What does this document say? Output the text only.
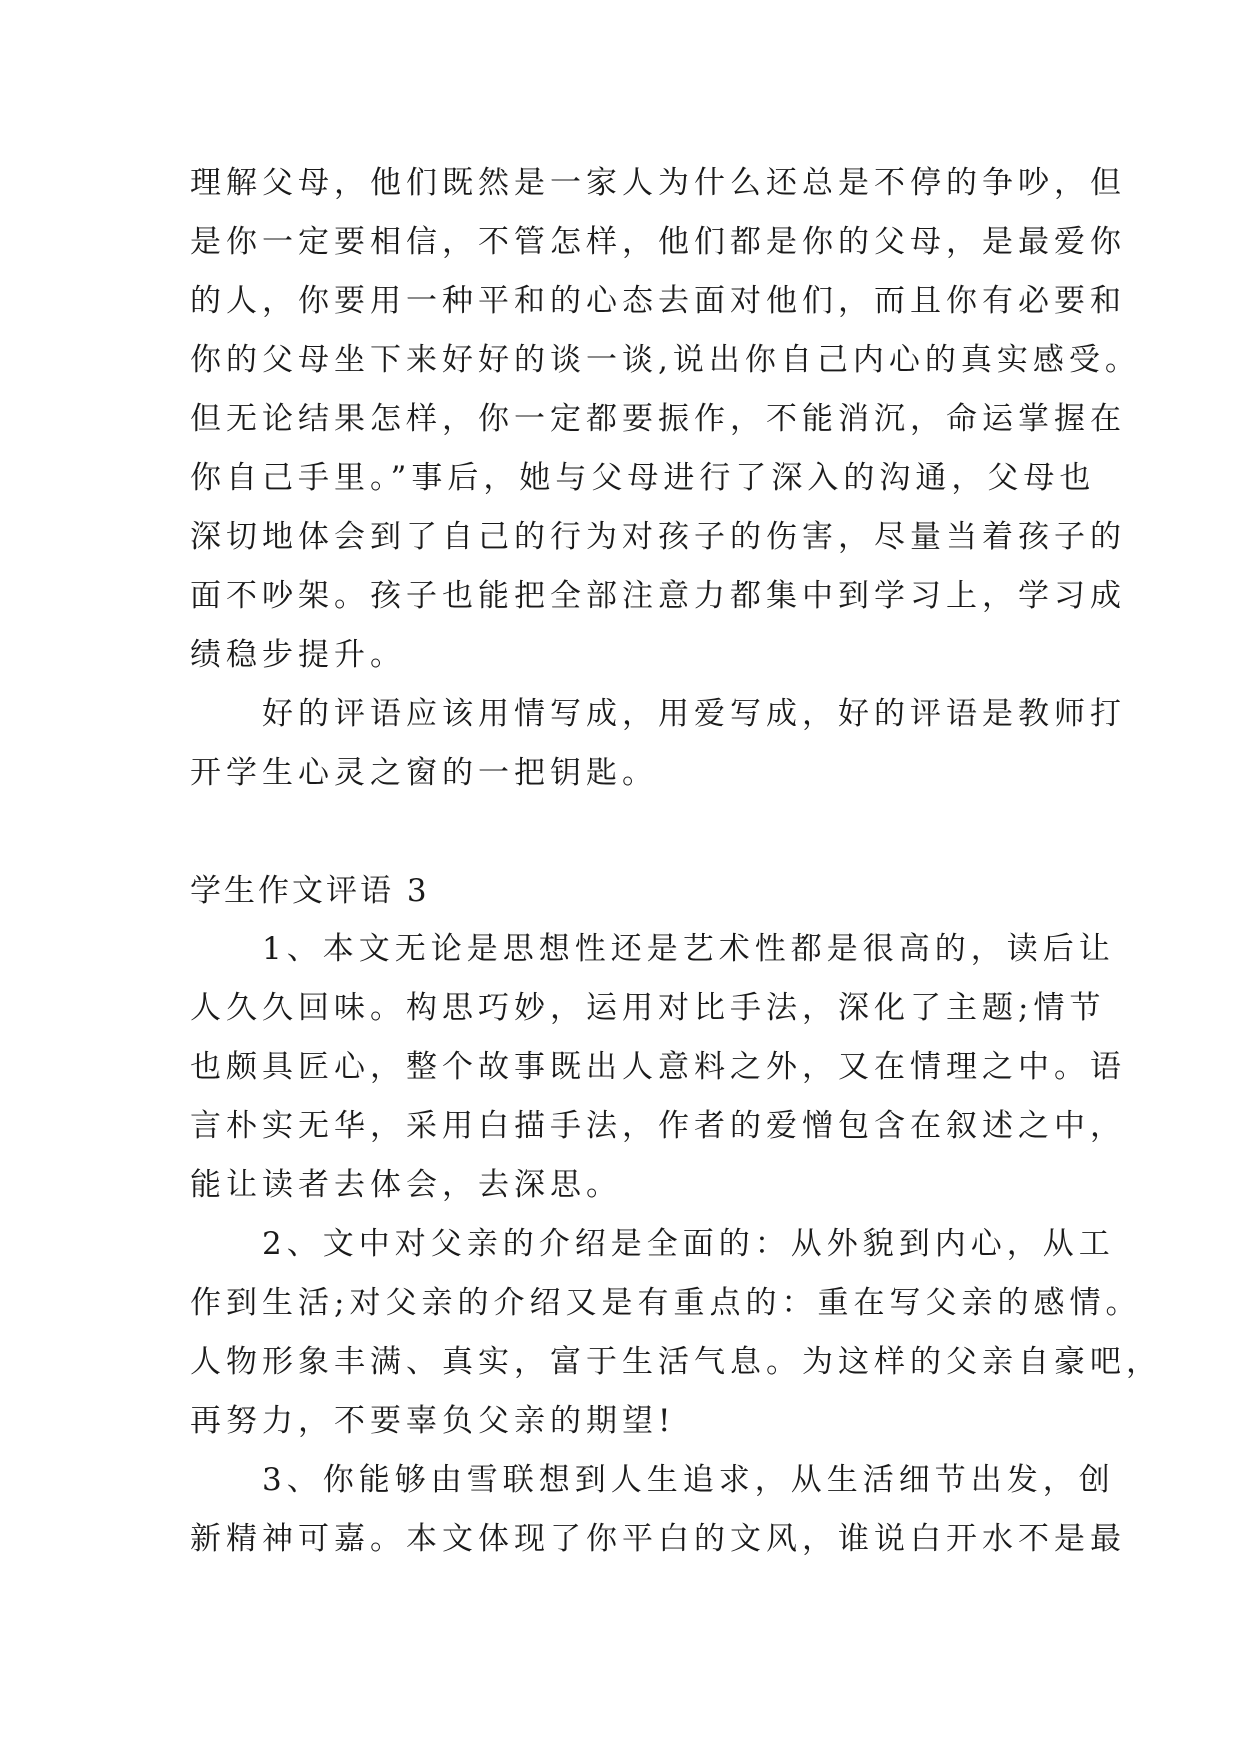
理解父母，他们既然是一家人为什么还总是不停的争吵，但
是你一定要相信，不管怎样，他们都是你的父母，是最爱你
的人，你要用一种平和的心态去面对他们，而且你有必要和
你的父母坐下来好好的谈一谈,说出你自己内心的真实感受。
但无论结果怎样，你一定都要振作，不能消沉，命运掌握在
你自己手里。”事后，她与父母进行了深入的沟通，父母也
深切地体会到了自己的行为对孩子的伤害，尽量当着孩子的
面不吵架。孩子也能把全部注意力都集中到学习上，学习成
绩稳步提升。
好的评语应该用情写成，用爱写成，好的评语是教师打
开学生心灵之窗的一把钥匙。
学生作文评语 3
1、本文无论是思想性还是艺术性都是很高的，读后让
人久久回味。构思巧妙，运用对比手法，深化了主题;情节
也颇具匠心，整个故事既出人意料之外，又在情理之中。语
言朴实无华，采用白描手法，作者的爱憎包含在叙述之中，
能让读者去体会，去深思。
2、文中对父亲的介绍是全面的：从外貌到内心，从工
作到生活;对父亲的介绍又是有重点的：重在写父亲的感情。
人物形象丰满、真实，富于生活气息。为这样的父亲自豪吧，
再努力，不要辜负父亲的期望!
3、你能够由雪联想到人生追求，从生活细节出发，创
新精神可嘉。本文体现了你平白的文风，谁说白开水不是最
